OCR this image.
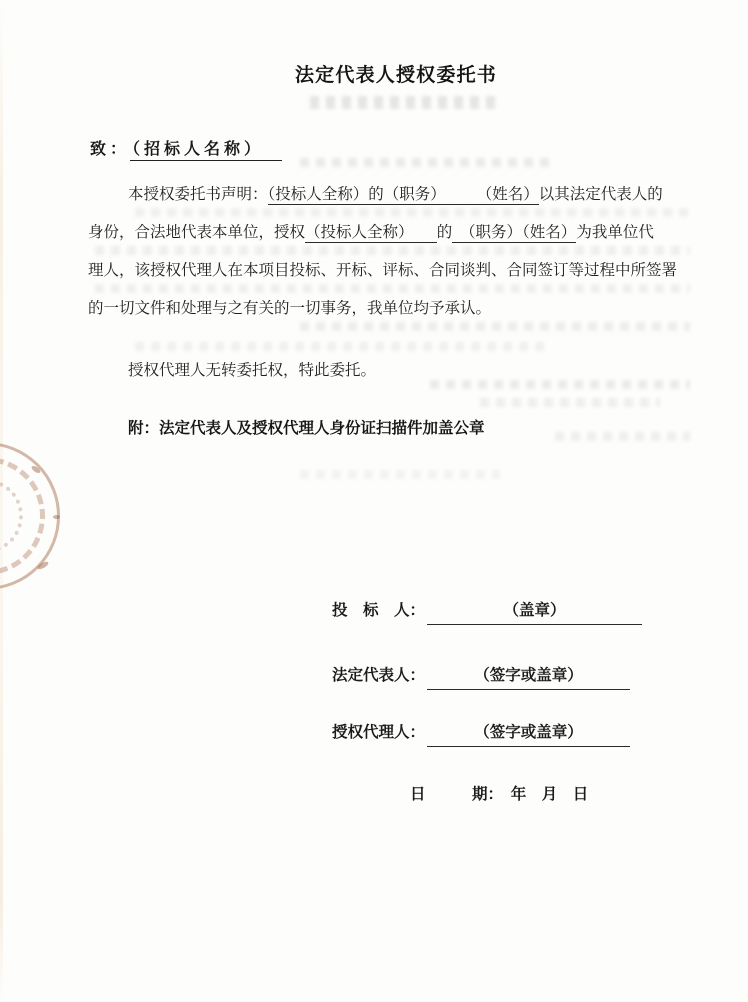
法定代表人授权委托书
致： （招标人名称）
本授权委托书声明：（投标人全称）的（职务）　　　（姓名）以其法定代表人的
身份，合法地代表本单位，授权（投标人全称）　　的　（职务）（姓名）为我单位代
理人，该授权代理人在本项目投标、开标、评标、合同谈判、合同签订等过程中所签署
的一切文件和处理与之有关的一切事务，我单位均予承认。
授权代理人无转委托权，特此委托。
附：法定代表人及授权代理人身份证扫描件加盖公章
投　标　人：	（盖章）
法定代表人：	（签字或盖章）
授权代理人：	（签字或盖章）
日　　　期：　年　月　日
